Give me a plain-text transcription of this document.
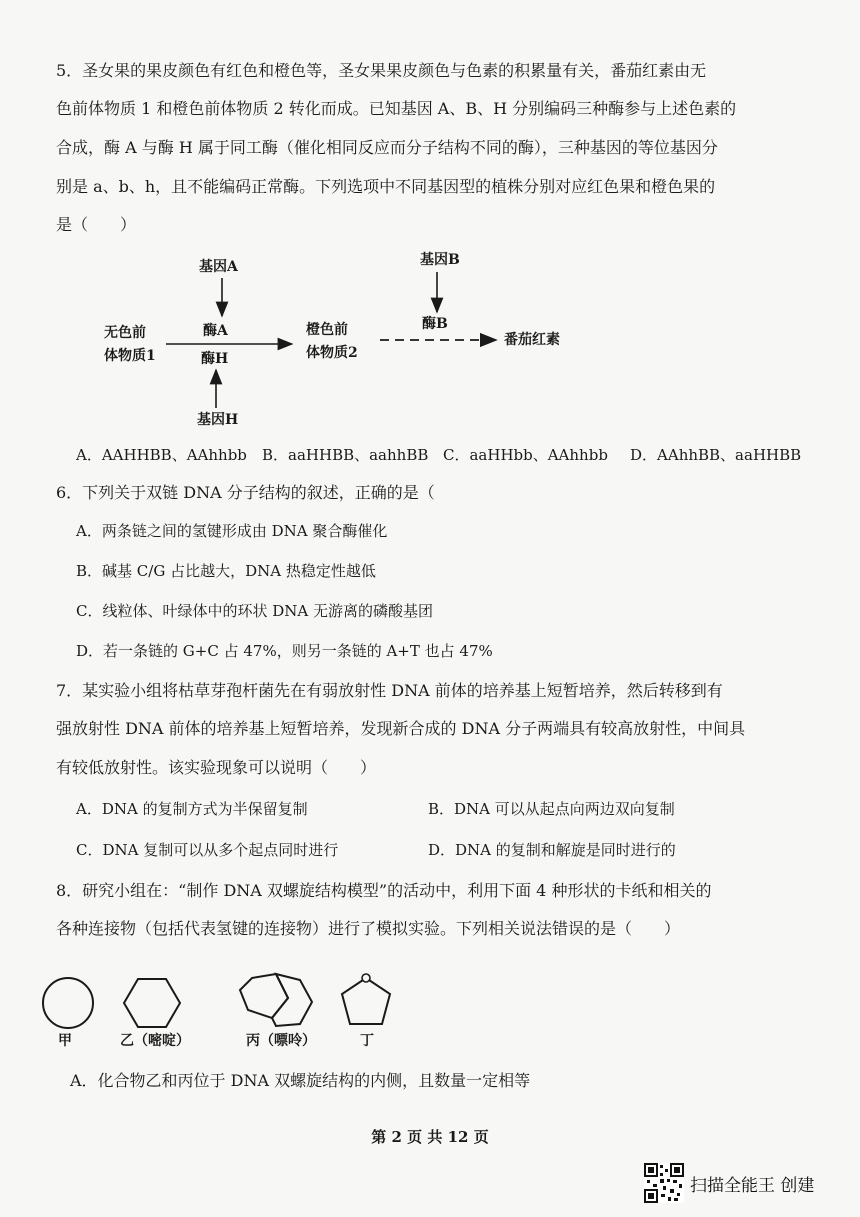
5．圣女果的果皮颜色有红色和橙色等，圣女果果皮颜色与色素的积累量有关，番茄红素由无
色前体物质 1 和橙色前体物质 2 转化而成。已知基因 A、B、H 分别编码三种酶参与上述色素的
合成，酶 A 与酶 H 属于同工酶（催化相同反应而分子结构不同的酶），三种基因的等位基因分
别是 a、b、h，且不能编码正常酶。下列选项中不同基因型的植株分别对应红色果和橙色果的
是（　　）
基因A	基因B
酶A	酶B
酶H
基因H
无色前
体物质1
橙色前
体物质2
番茄红素
A．AAHHBB、AAhhbb B．aaHHBB、aahhBB C．aaHHbb、AAhhbb D．AAhhBB、aaHHBB
6．下列关于双链 DNA 分子结构的叙述，正确的是（
A．两条链之间的氢键形成由 DNA 聚合酶催化
B．碱基 C/G 占比越大，DNA 热稳定性越低
C．线粒体、叶绿体中的环状 DNA 无游离的磷酸基团
D．若一条链的 G+C 占 47%，则另一条链的 A+T 也占 47%
7．某实验小组将枯草芽孢杆菌先在有弱放射性 DNA 前体的培养基上短暂培养，然后转移到有
强放射性 DNA 前体的培养基上短暂培养，发现新合成的 DNA 分子两端具有较高放射性，中间具
有较低放射性。该实验现象可以说明（　　）
A．DNA 的复制方式为半保留复制	B．DNA 可以从起点向两边双向复制
C．DNA 复制可以从多个起点同时进行	D．DNA 的复制和解旋是同时进行的
8．研究小组在：“制作 DNA 双螺旋结构模型”的活动中，利用下面 4 种形状的卡纸和相关的
各种连接物（包括代表氢键的连接物）进行了模拟实验。下列相关说法错误的是（　　）
甲	乙（嘧啶）	丙（嘌呤）	丁
A．化合物乙和丙位于 DNA 双螺旋结构的内侧，且数量一定相等
第 2 页 共 12 页
扫描全能王 创建
